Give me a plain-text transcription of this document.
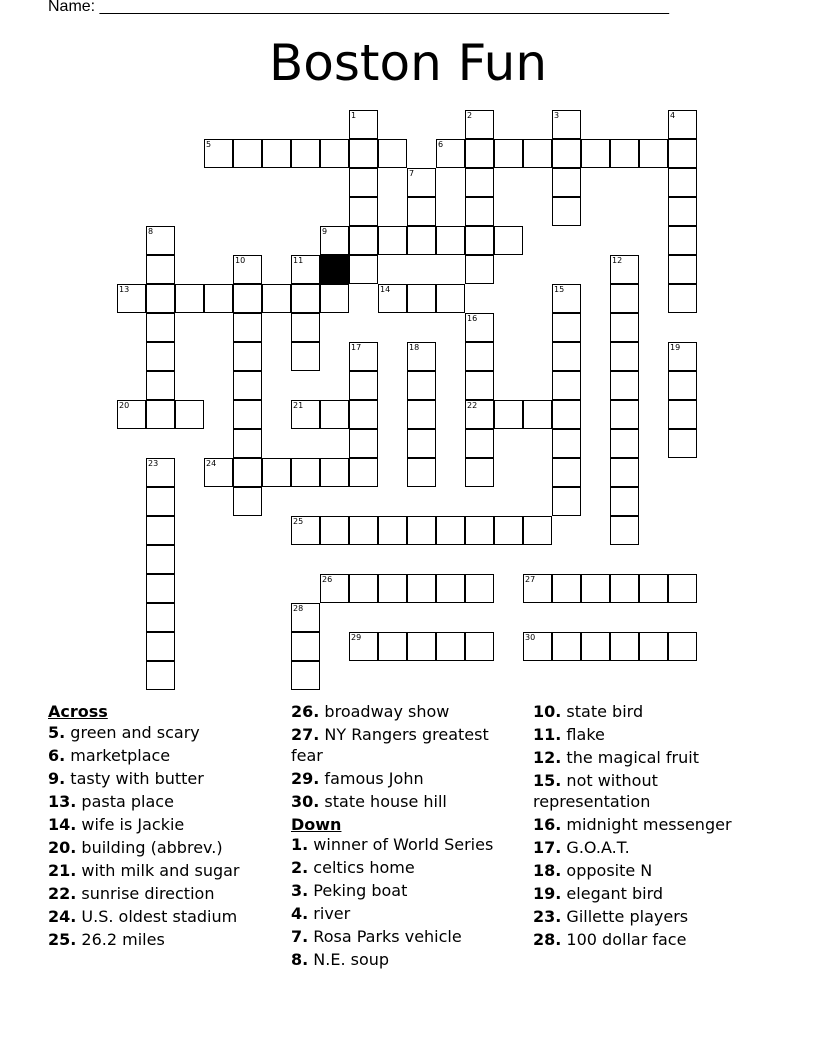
Name: ________________________________________________________________
Boston Fun
1	2	3	4
5	6
7
8	9
10	11	12
13	14	15
16
17	18	19
20	21	22
23	24
25
26	27
28
29	30
Across
5. green and scary
6. marketplace
9. tasty with butter
13. pasta place
14. wife is Jackie
20. building (abbrev.)
21. with milk and sugar
22. sunrise direction
24. U.S. oldest stadium
25. 26.2 miles
26. broadway show
27. NY Rangers greatest fear
29. famous John
30. state house hill
Down
1. winner of World Series
2. celtics home
3. Peking boat
4. river
7. Rosa Parks vehicle
8. N.E. soup
10. state bird
11. flake
12. the magical fruit
15. not without representation
16. midnight messenger
17. G.O.A.T.
18. opposite N
19. elegant bird
23. Gillette players
28. 100 dollar face
